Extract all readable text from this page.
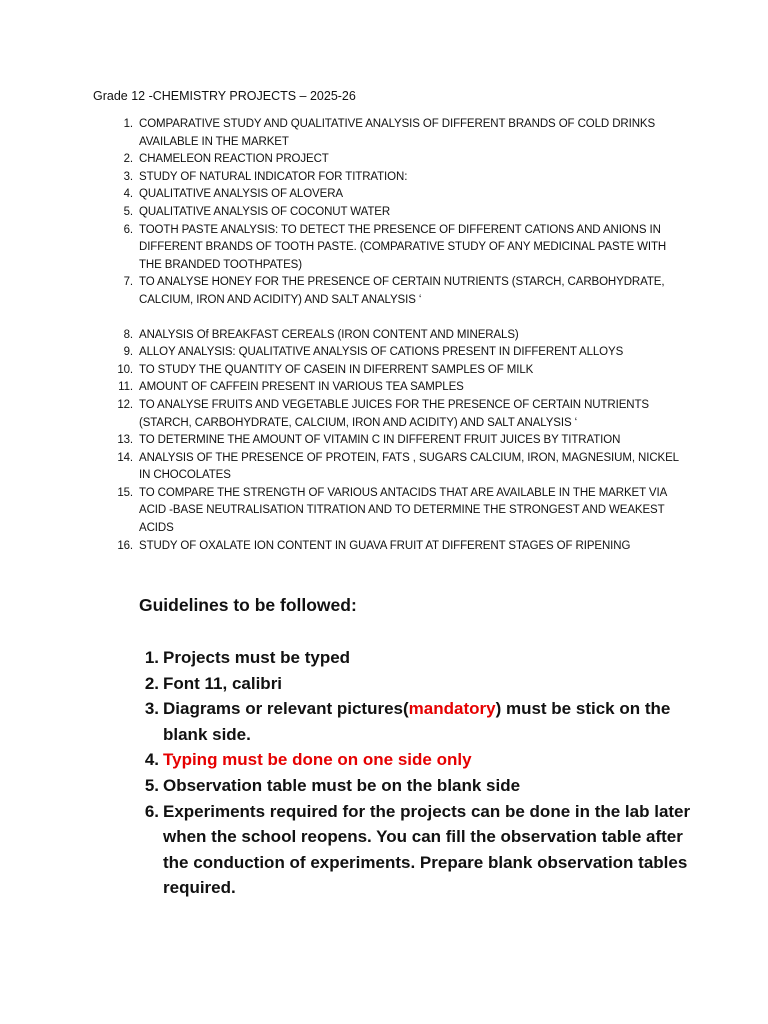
Grade 12 -CHEMISTRY PROJECTS – 2025-26
1. COMPARATIVE STUDY AND QUALITATIVE ANALYSIS OF DIFFERENT BRANDS OF COLD DRINKS AVAILABLE IN THE MARKET
2. CHAMELEON REACTION PROJECT
3. STUDY OF NATURAL INDICATOR FOR TITRATION:
4. QUALITATIVE ANALYSIS OF ALOVERA
5. QUALITATIVE ANALYSIS OF COCONUT WATER
6. TOOTH PASTE ANALYSIS: TO DETECT THE PRESENCE OF DIFFERENT CATIONS AND ANIONS IN DIFFERENT BRANDS OF TOOTH PASTE. (COMPARATIVE STUDY OF ANY MEDICINAL PASTE WITH THE BRANDED TOOTHPATES)
7. TO ANALYSE HONEY FOR THE PRESENCE OF CERTAIN NUTRIENTS (STARCH, CARBOHYDRATE, CALCIUM, IRON AND ACIDITY) AND SALT ANALYSIS ‘
8. ANALYSIS Of BREAKFAST CEREALS (IRON CONTENT AND MINERALS)
9. ALLOY ANALYSIS: QUALITATIVE ANALYSIS OF CATIONS PRESENT IN DIFFERENT ALLOYS
10. TO STUDY THE QUANTITY OF CASEIN IN DIFERRENT SAMPLES OF MILK
11. AMOUNT OF CAFFEIN PRESENT IN VARIOUS TEA SAMPLES
12. TO ANALYSE FRUITS AND VEGETABLE JUICES FOR THE PRESENCE OF CERTAIN NUTRIENTS (STARCH, CARBOHYDRATE, CALCIUM, IRON AND ACIDITY) AND SALT ANALYSIS ‘
13. TO DETERMINE THE AMOUNT OF VITAMIN C IN DIFFERENT FRUIT JUICES BY TITRATION
14. ANALYSIS OF THE PRESENCE OF PROTEIN, FATS , SUGARS CALCIUM, IRON, MAGNESIUM, NICKEL IN CHOCOLATES
15. TO COMPARE THE STRENGTH OF VARIOUS ANTACIDS THAT ARE AVAILABLE IN THE MARKET VIA ACID -BASE NEUTRALISATION TITRATION AND TO DETERMINE THE STRONGEST AND WEAKEST ACIDS
16. STUDY OF OXALATE ION CONTENT IN GUAVA FRUIT AT DIFFERENT STAGES OF RIPENING
Guidelines to be followed:
1. Projects must be typed
2. Font 11, calibri
3. Diagrams or relevant pictures(mandatory) must be stick on the blank side.
4. Typing must be done on one side only
5. Observation table must be on the blank side
6. Experiments required for the projects can be done in the lab later when the school reopens. You can fill the observation table after the conduction of experiments. Prepare blank observation tables required.
